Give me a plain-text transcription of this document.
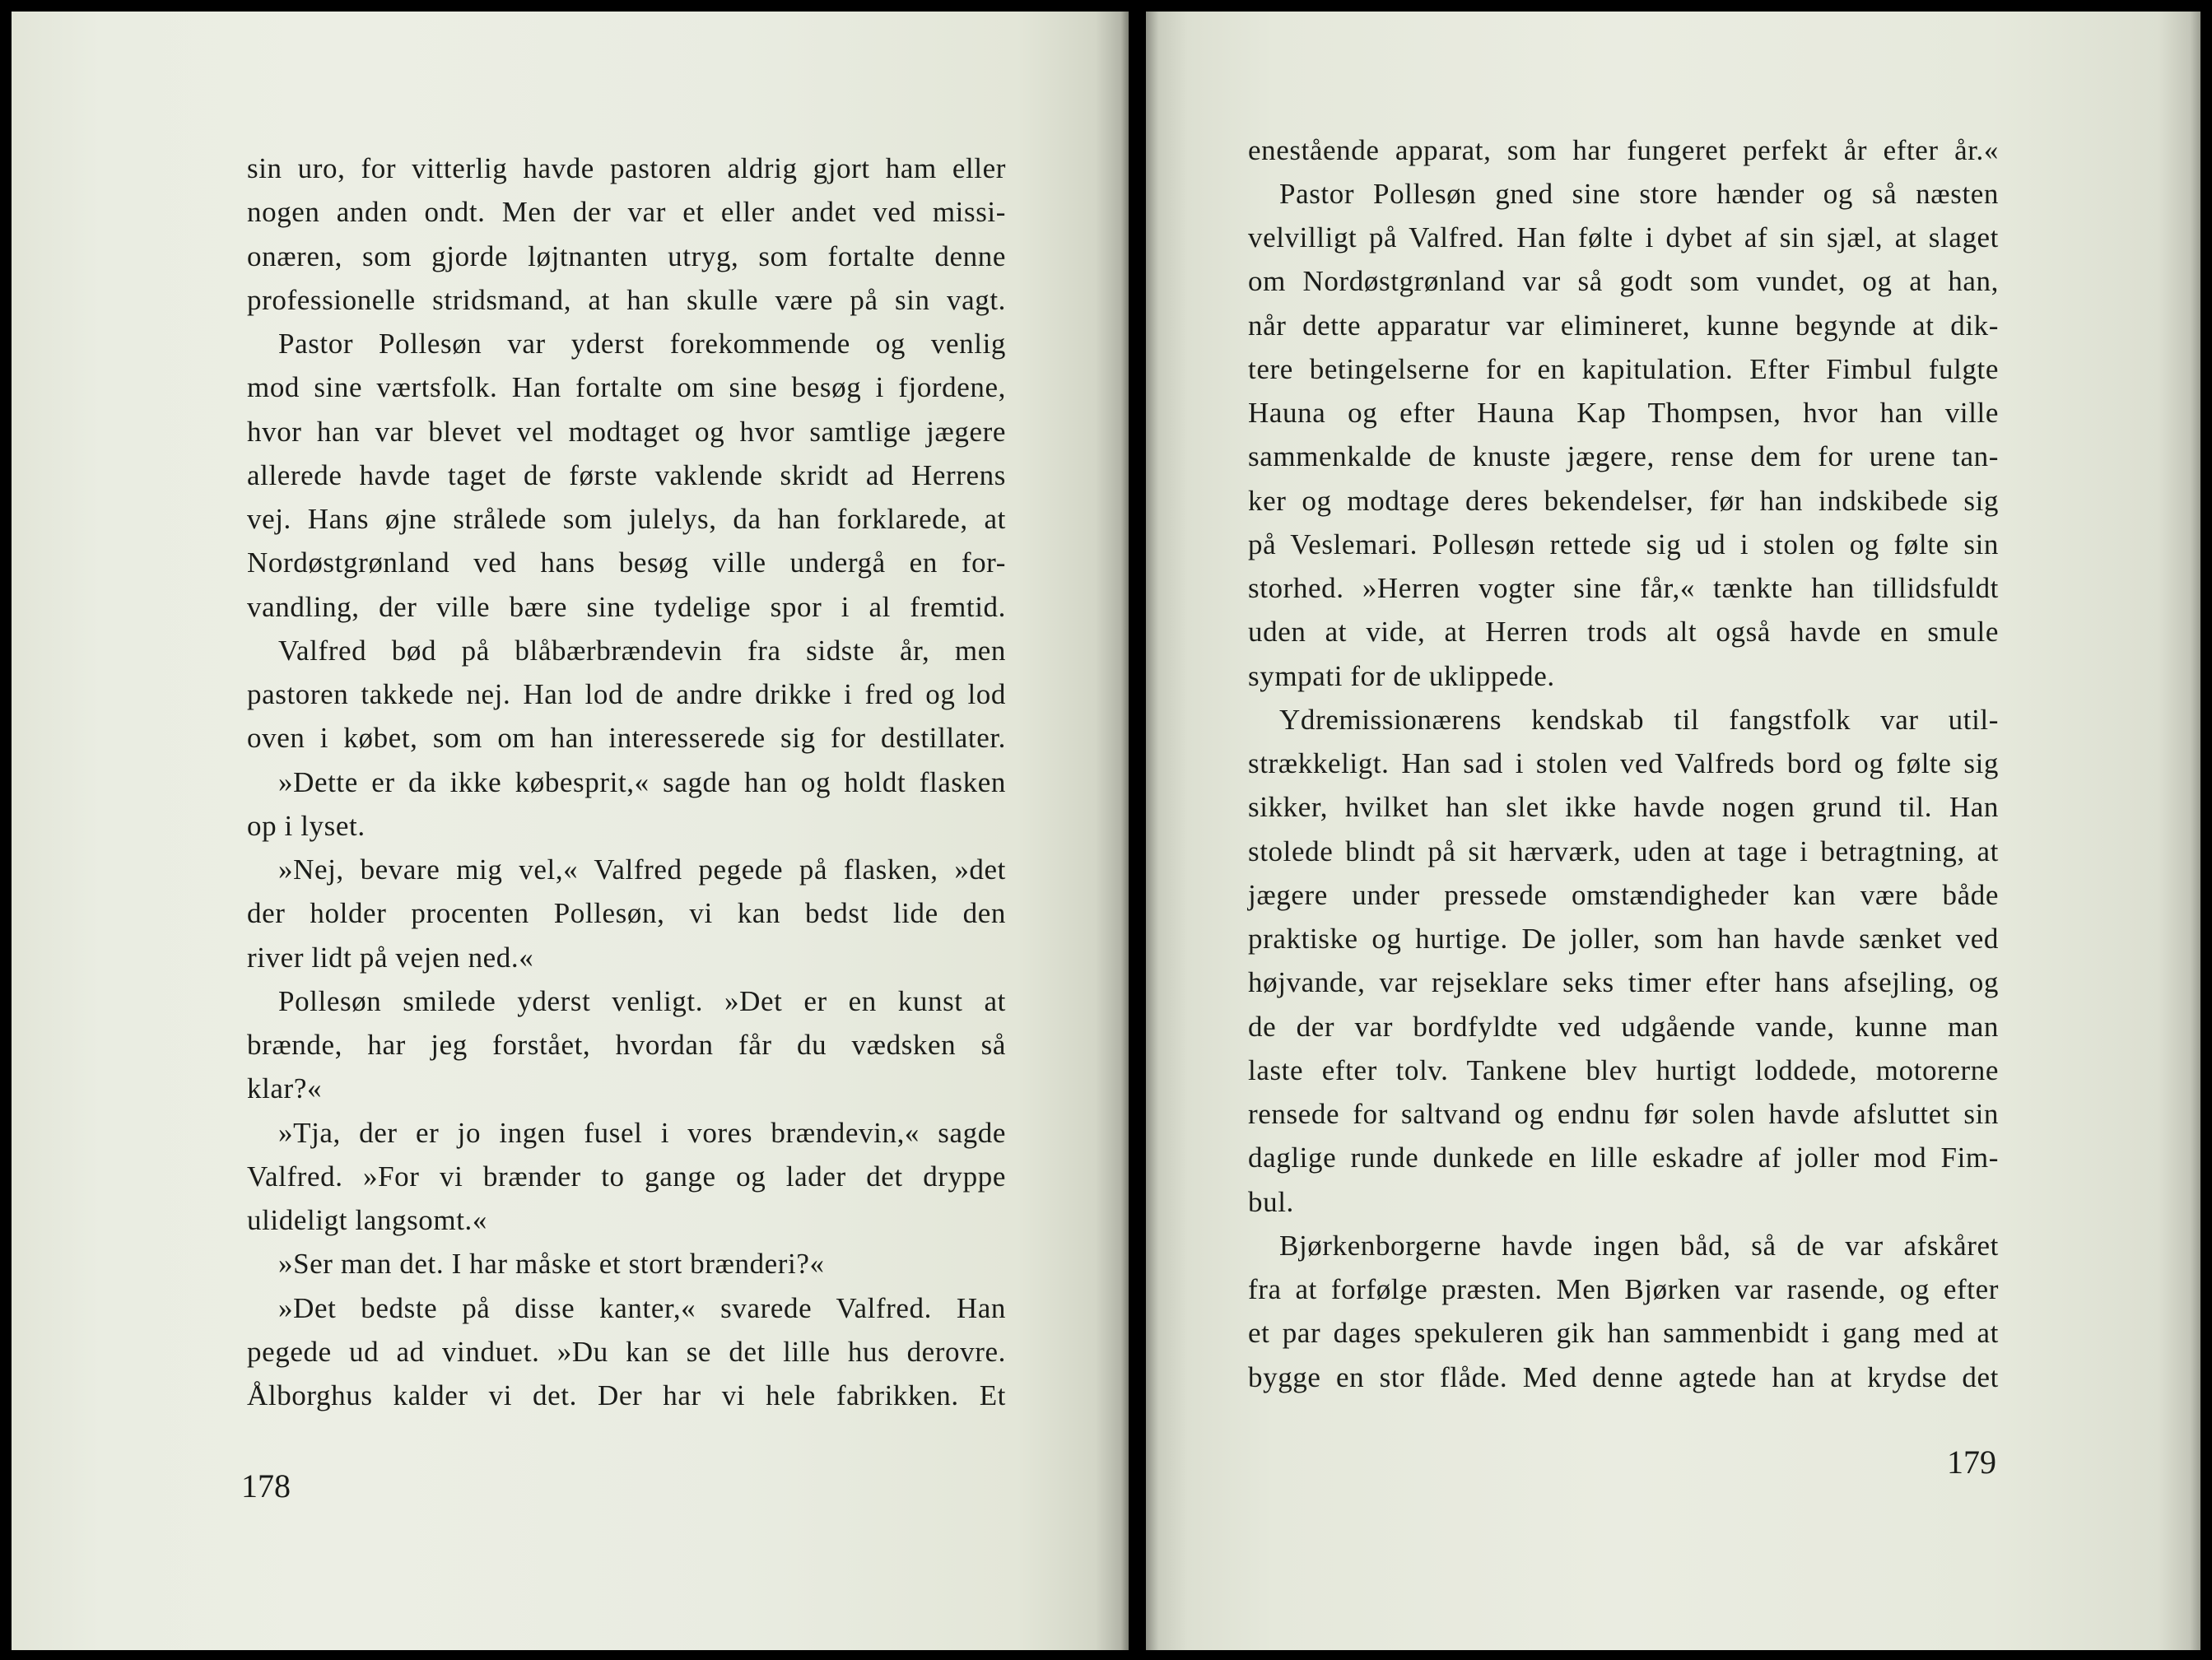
sin uro, for vitterlig havde pastoren aldrig gjort ham eller
nogen anden ondt. Men der var et eller andet ved missi-
onæren, som gjorde løjtnanten utryg, som fortalte denne
professionelle stridsmand, at han skulle være på sin vagt.
Pastor Pollesøn var yderst forekommende og venlig
mod sine værtsfolk. Han fortalte om sine besøg i fjordene,
hvor han var blevet vel modtaget og hvor samtlige jægere
allerede havde taget de første vaklende skridt ad Herrens
vej. Hans øjne strålede som julelys, da han forklarede, at
Nordøstgrønland ved hans besøg ville undergå en for-
vandling, der ville bære sine tydelige spor i al fremtid.
Valfred bød på blåbærbrændevin fra sidste år, men
pastoren takkede nej. Han lod de andre drikke i fred og lod
oven i købet, som om han interesserede sig for destillater.
»Dette er da ikke købesprit,« sagde han og holdt flasken
op i lyset.
»Nej, bevare mig vel,« Valfred pegede på flasken, »det
der holder procenten Pollesøn, vi kan bedst lide den
river lidt på vejen ned.«
Pollesøn smilede yderst venligt. »Det er en kunst at
brænde, har jeg forstået, hvordan får du vædsken så
klar?«
»Tja, der er jo ingen fusel i vores brændevin,« sagde
Valfred. »For vi brænder to gange og lader det dryppe
ulideligt langsomt.«
»Ser man det. I har måske et stort brænderi?«
»Det bedste på disse kanter,« svarede Valfred. Han
pegede ud ad vinduet. »Du kan se det lille hus derovre.
Ålborghus kalder vi det. Der har vi hele fabrikken. Et
178
enestående apparat, som har fungeret perfekt år efter år.«
Pastor Pollesøn gned sine store hænder og så næsten
velvilligt på Valfred. Han følte i dybet af sin sjæl, at slaget
om Nordøstgrønland var så godt som vundet, og at han,
når dette apparatur var elimineret, kunne begynde at dik-
tere betingelserne for en kapitulation. Efter Fimbul fulgte
Hauna og efter Hauna Kap Thompsen, hvor han ville
sammenkalde de knuste jægere, rense dem for urene tan-
ker og modtage deres bekendelser, før han indskibede sig
på Veslemari. Pollesøn rettede sig ud i stolen og følte sin
storhed. »Herren vogter sine får,« tænkte han tillidsfuldt
uden at vide, at Herren trods alt også havde en smule
sympati for de uklippede.
Ydremissionærens kendskab til fangstfolk var util-
strækkeligt. Han sad i stolen ved Valfreds bord og følte sig
sikker, hvilket han slet ikke havde nogen grund til. Han
stolede blindt på sit hærværk, uden at tage i betragtning, at
jægere under pressede omstændigheder kan være både
praktiske og hurtige. De joller, som han havde sænket ved
højvande, var rejseklare seks timer efter hans afsejling, og
de der var bordfyldte ved udgående vande, kunne man
laste efter tolv. Tankene blev hurtigt loddede, motorerne
rensede for saltvand og endnu før solen havde afsluttet sin
daglige runde dunkede en lille eskadre af joller mod Fim-
bul.
Bjørkenborgerne havde ingen båd, så de var afskåret
fra at forfølge præsten. Men Bjørken var rasende, og efter
et par dages spekuleren gik han sammenbidt i gang med at
bygge en stor flåde. Med denne agtede han at krydse det
179
